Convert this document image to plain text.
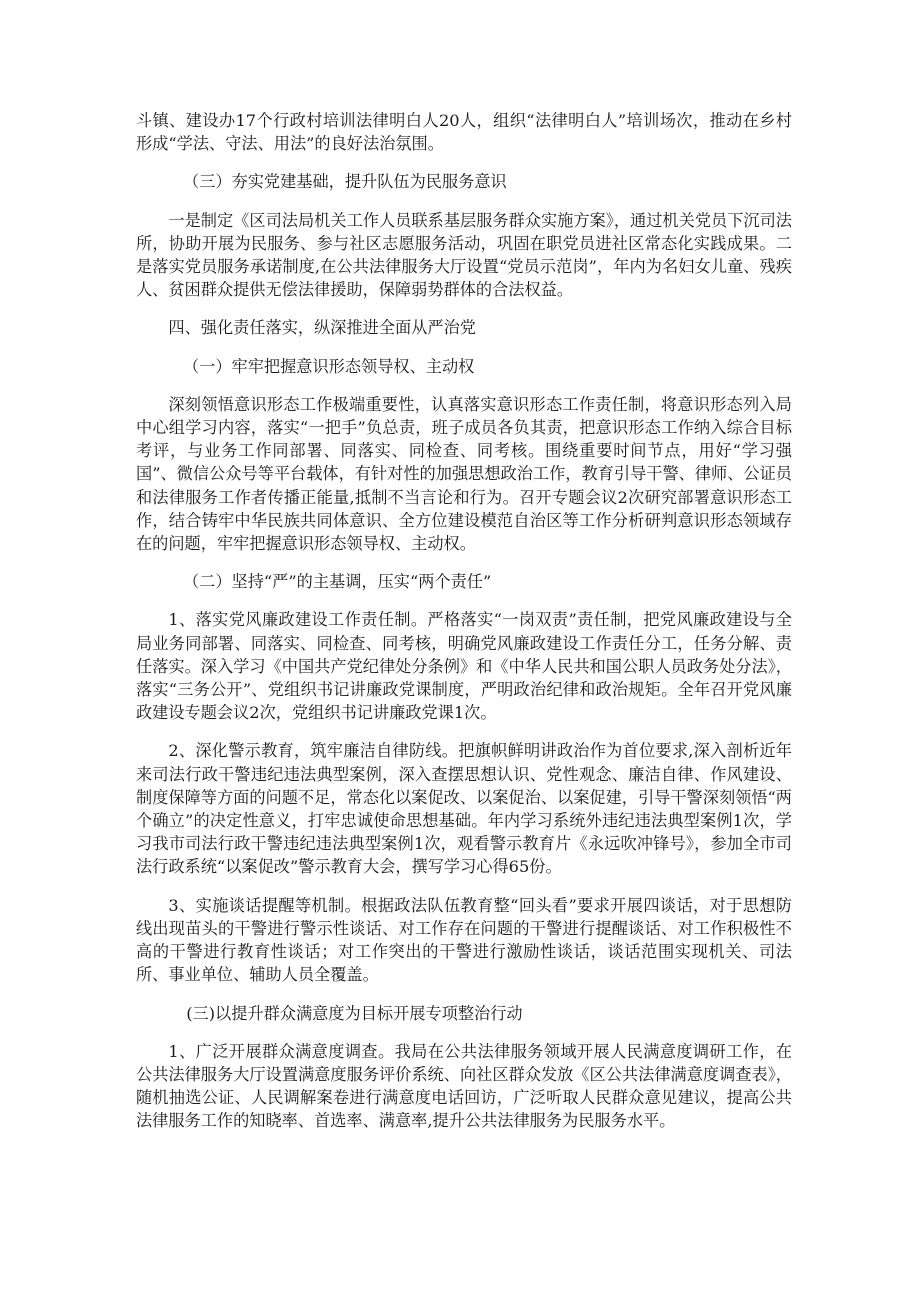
斗镇、建设办17个行政村培训法律明白人20人，组织“法律明白人”培训场次，推动在乡村形成“学法、守法、用法”的良好法治氛围。

（三）夯实党建基础，提升队伍为民服务意识

一是制定《区司法局机关工作人员联系基层服务群众实施方案》，通过机关党员下沉司法所，协助开展为民服务、参与社区志愿服务活动，巩固在职党员进社区常态化实践成果。二是落实党员服务承诺制度,在公共法律服务大厅设置“党员示范岗”，年内为名妇女儿童、残疾人、贫困群众提供无偿法律援助，保障弱势群体的合法权益。

四、强化责任落实，纵深推进全面从严治党

（一）牢牢把握意识形态领导权、主动权

深刻领悟意识形态工作极端重要性，认真落实意识形态工作责任制，将意识形态列入局中心组学习内容，落实“一把手”负总责，班子成员各负其责，把意识形态工作纳入综合目标考评，与业务工作同部署、同落实、同检查、同考核。围绕重要时间节点，用好“学习强国”、微信公众号等平台载体，有针对性的加强思想政治工作，教育引导干警、律师、公证员和法律服务工作者传播正能量,抵制不当言论和行为。召开专题会议2次研究部署意识形态工作，结合铸牢中华民族共同体意识、全方位建设模范自治区等工作分析研判意识形态领域存在的问题，牢牢把握意识形态领导权、主动权。

（二）坚持“严”的主基调，压实“两个责任”

1、落实党风廉政建设工作责任制。严格落实“一岗双责”责任制，把党风廉政建设与全局业务同部署、同落实、同检查、同考核，明确党风廉政建设工作责任分工，任务分解、责任落实。深入学习《中国共产党纪律处分条例》和《中华人民共和国公职人员政务处分法》，落实“三务公开”、党组织书记讲廉政党课制度，严明政治纪律和政治规矩。全年召开党风廉政建设专题会议2次，党组织书记讲廉政党课1次。

2、深化警示教育，筑牢廉洁自律防线。把旗帜鲜明讲政治作为首位要求,深入剖析近年来司法行政干警违纪违法典型案例，深入查摆思想认识、党性观念、廉洁自律、作风建设、制度保障等方面的问题不足，常态化以案促改、以案促治、以案促建，引导干警深刻领悟“两个确立”的决定性意义，打牢忠诚使命思想基础。年内学习系统外违纪违法典型案例1次，学习我市司法行政干警违纪违法典型案例1次，观看警示教育片《永远吹冲锋号》，参加全市司法行政系统“以案促改”警示教育大会，撰写学习心得65份。

3、实施谈话提醒等机制。根据政法队伍教育整“回头看”要求开展四谈话，对于思想防线出现苗头的干警进行警示性谈话、对工作存在问题的干警进行提醒谈话、对工作积极性不高的干警进行教育性谈话；对工作突出的干警进行激励性谈话，谈话范围实现机关、司法所、事业单位、辅助人员全覆盖。

(三)以提升群众满意度为目标开展专项整治行动

1、广泛开展群众满意度调查。我局在公共法律服务领域开展人民满意度调研工作，在公共法律服务大厅设置满意度服务评价系统、向社区群众发放《区公共法律满意度调查表》，随机抽选公证、人民调解案卷进行满意度电话回访，广泛听取人民群众意见建议，提高公共法律服务工作的知晓率、首选率、满意率,提升公共法律服务为民服务水平。
